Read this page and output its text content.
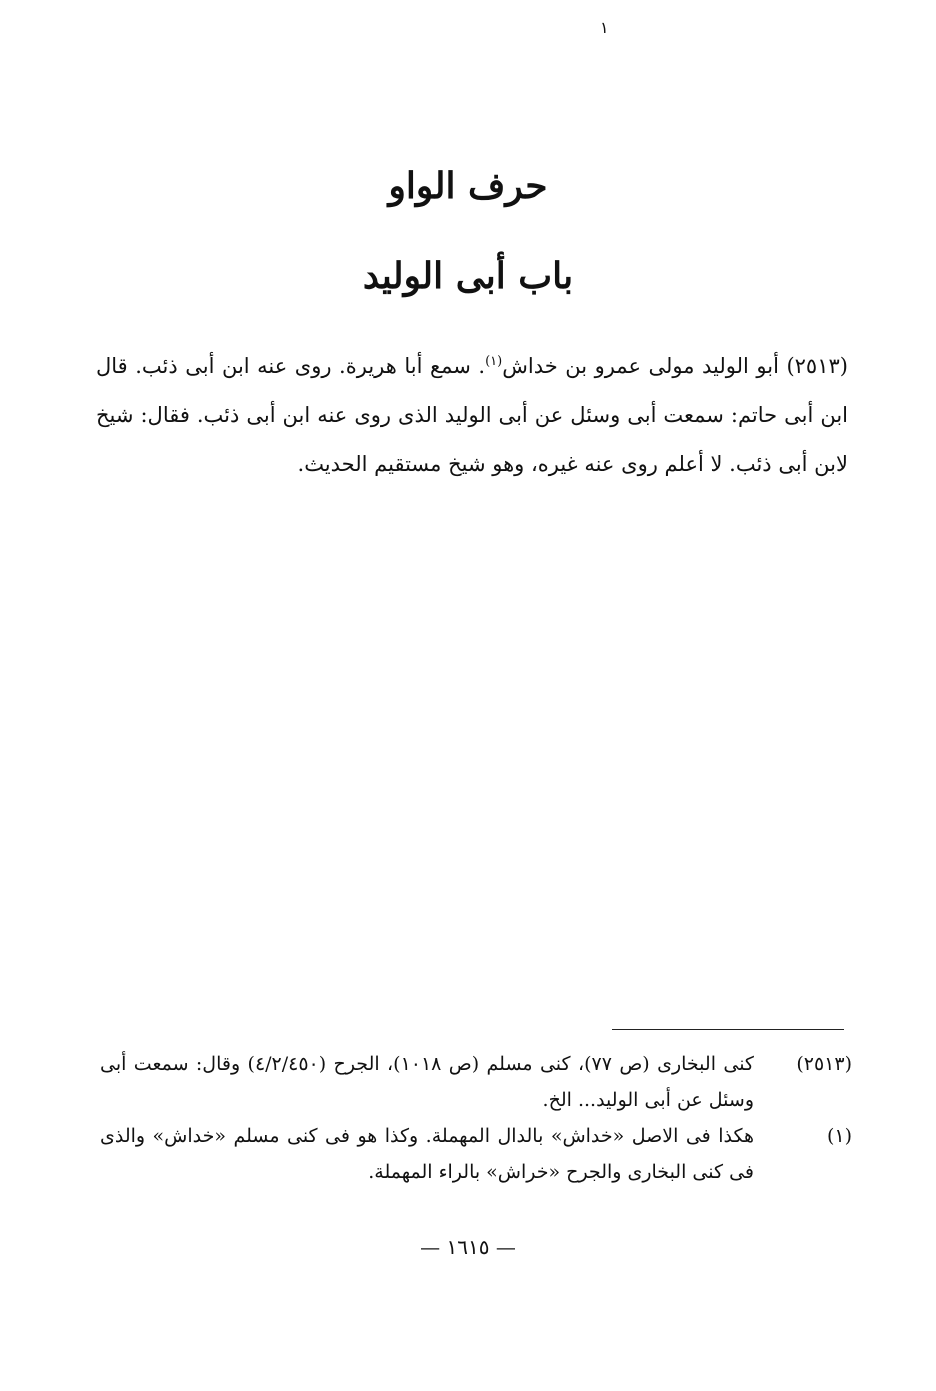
١
حرف الواو
باب أبى الوليد

(٢٥١٣) أبو الوليد مولى عمرو بن خداش$^{(١)}$. سمع أبا هريرة. روى عنه ابن أبى ذئب. قال ابن أبى حاتم: سمعت أبى وسئل عن أبى الوليد الذى روى عنه ابن أبى ذئب. فقال: شيخ لابن أبى ذئب. لا أعلم روى عنه غيره، وهو شيخ مستقيم الحديث.

(٢٥١٣)
كنى البخارى (ص ٧٧)، كنى مسلم (ص ١٠١٨)، الجرح (٤/٢/٤٥٠) وقال: سمعت أبى وسئل عن أبى الوليد... الخ.
(١)
هكذا فى الاصل «خداش» بالدال المهملة. وكذا هو فى كنى مسلم «خداش» والذى فى كنى البخارى والجرح «خراش» بالراء المهملة.
— ١٦١٥ —
